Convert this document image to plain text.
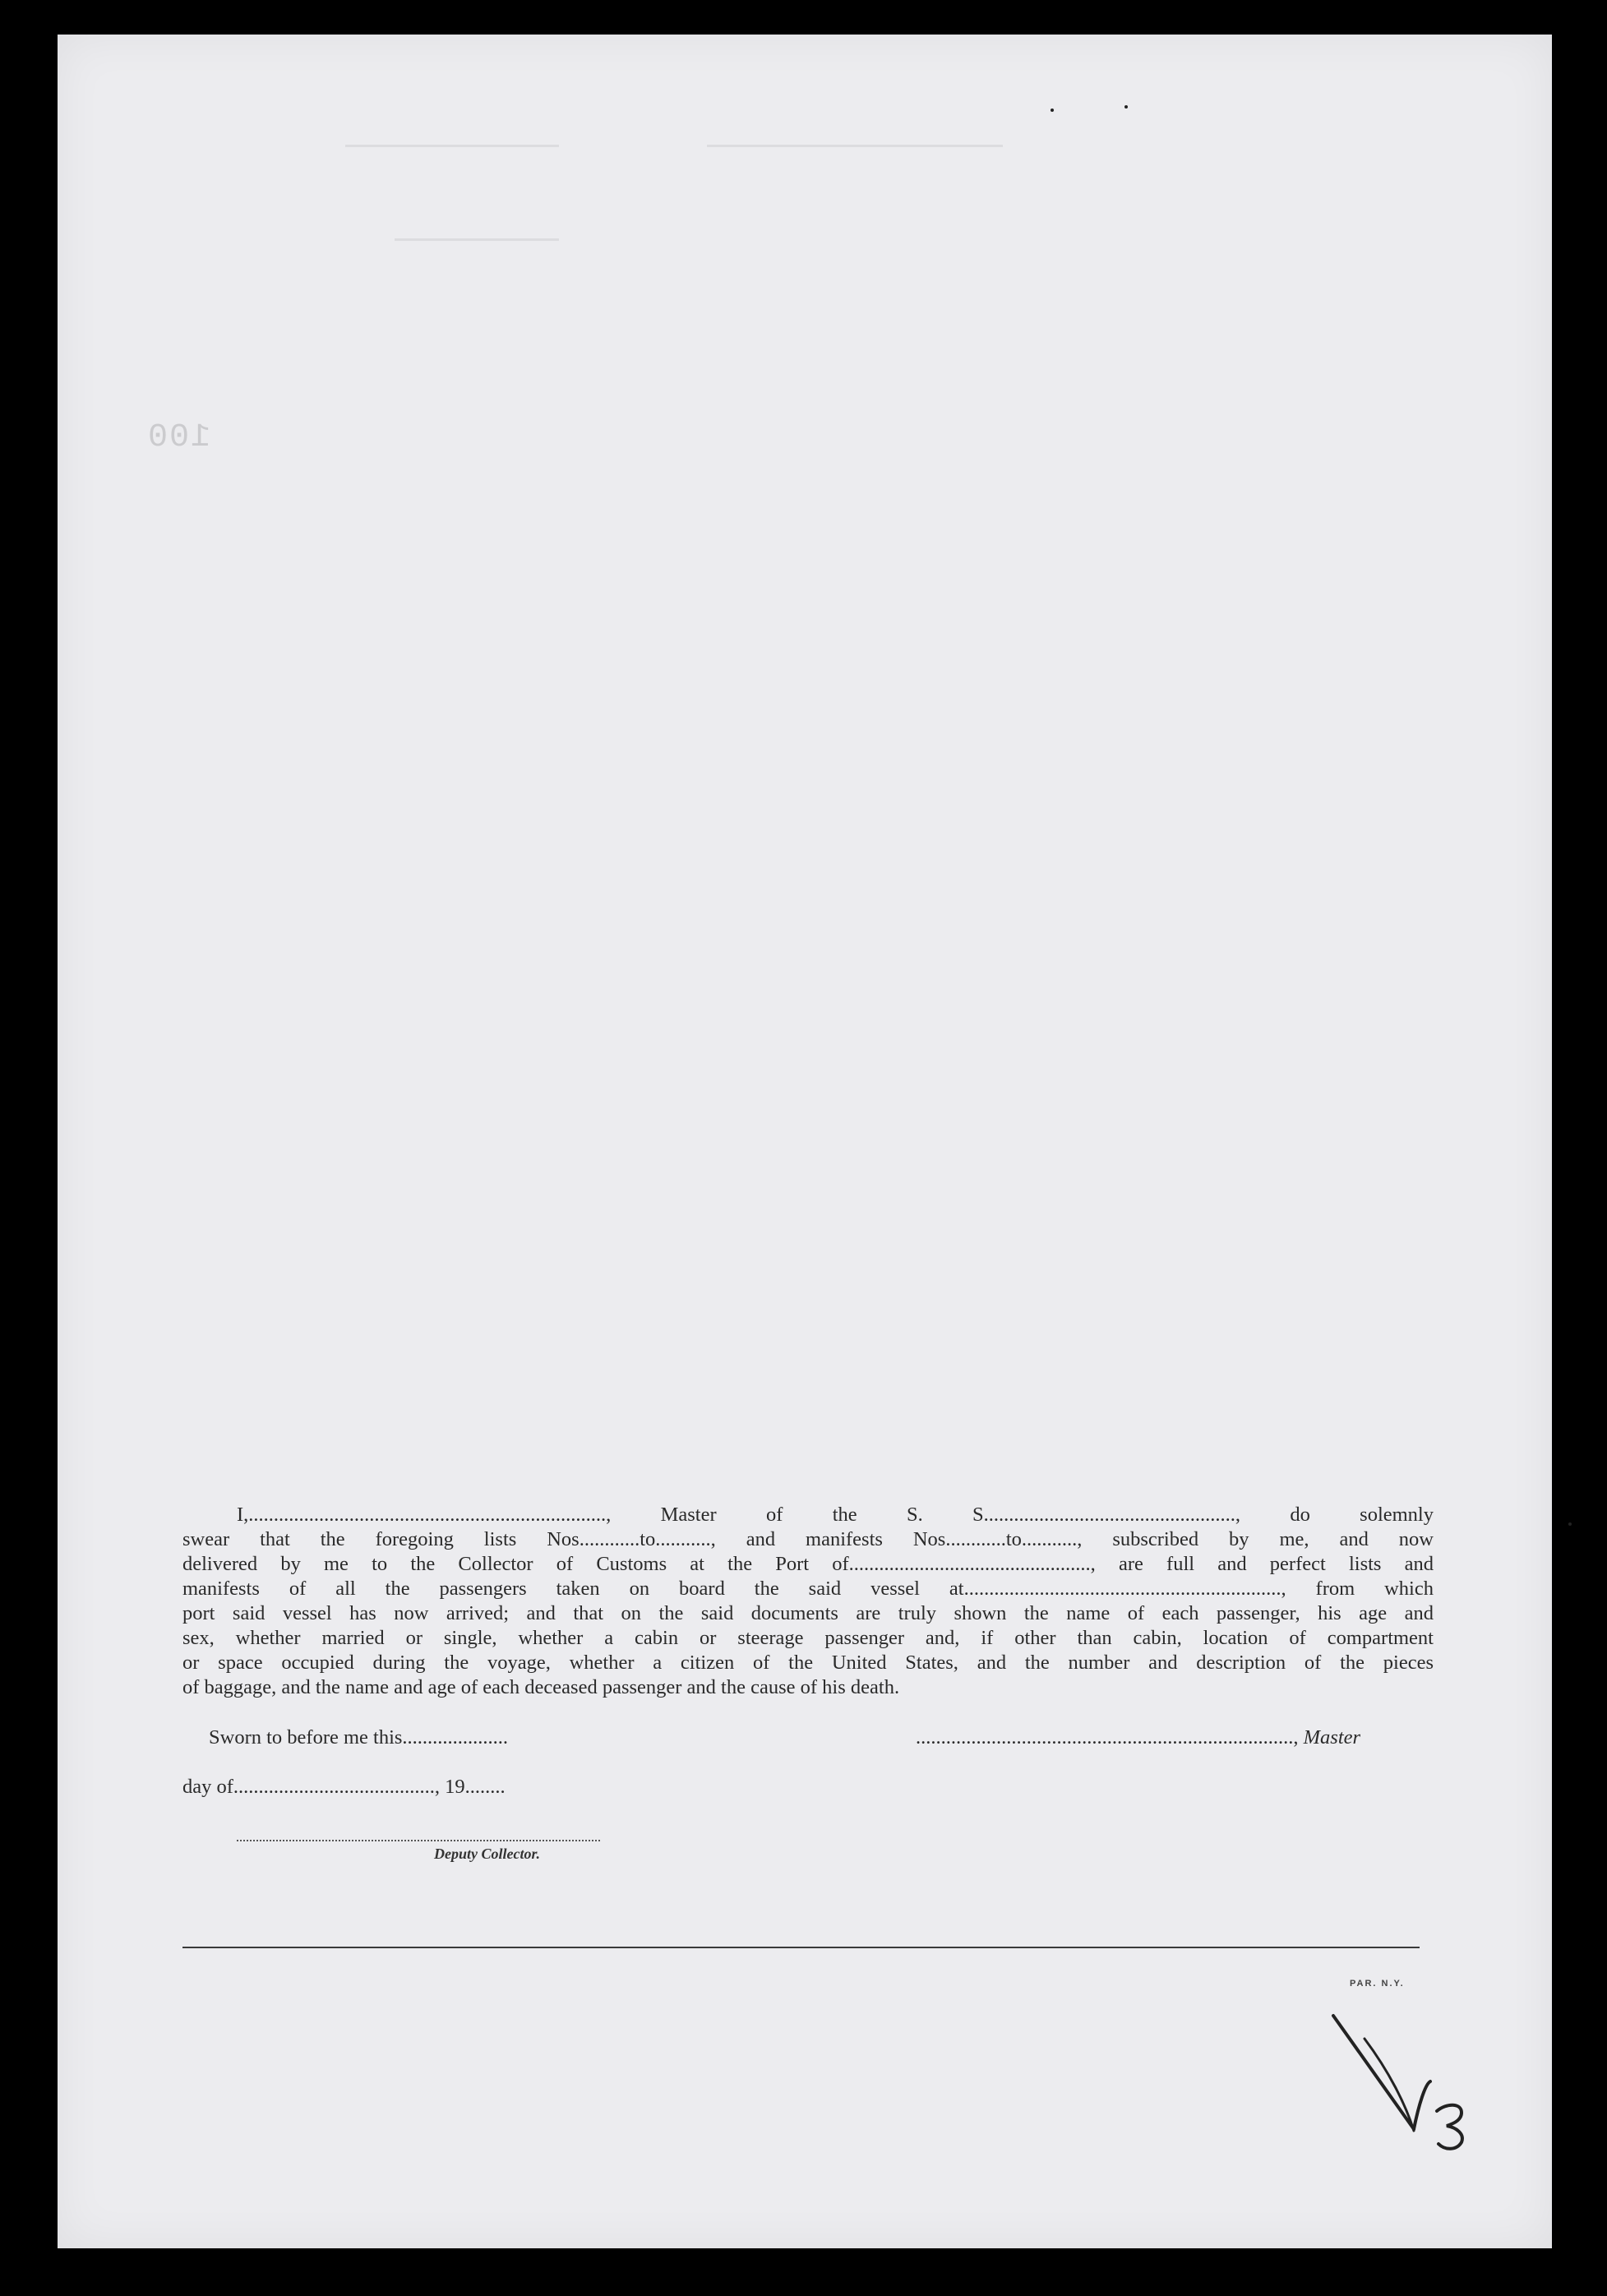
100
I,......................................................................., Master of the S. S.................................................., do solemnly
swear that the foregoing lists Nos............to..........., and manifests Nos............to..........., subscribed by me, and now
delivered by me to the Collector of Customs at the Port of................................................, are full and perfect lists and
manifests of all the passengers taken on board the said vessel at..............................................................., from which
port said vessel has now arrived; and that on the said documents are truly shown the name of each passenger, his age and
sex, whether married or single, whether a cabin or steerage passenger and, if other than cabin, location of compartment
or space occupied during the voyage, whether a citizen of the United States, and the number and description of the pieces
of baggage, and the name and age of each deceased passenger and the cause of his death.
Sworn to before me this.....................	..........................................................................., Master
day of........................................, 19........
Deputy Collector.
PAR. N.Y.
